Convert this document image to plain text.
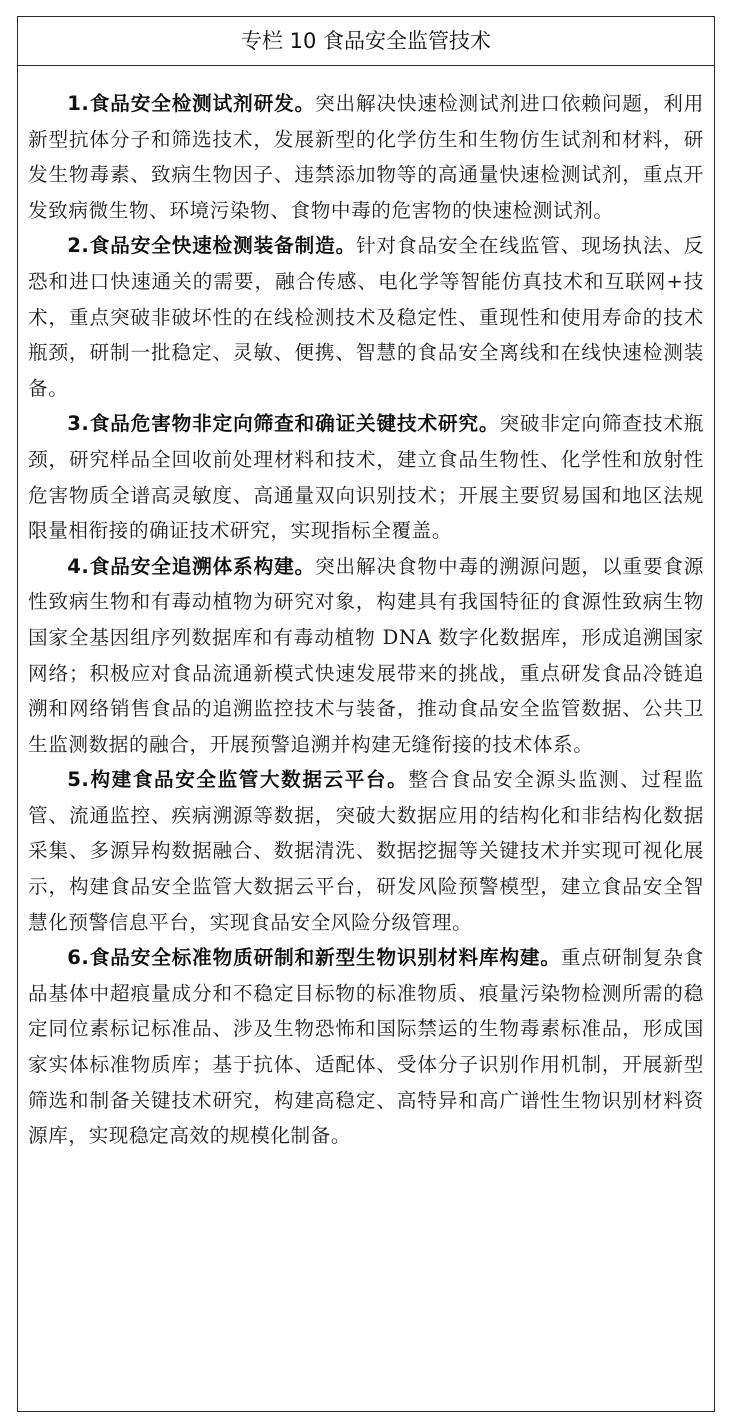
专栏 10 食品安全监管技术

1.食品安全检测试剂研发。突出解决快速检测试剂进口依赖问题，利用新型抗体分子和筛选技术，发展新型的化学仿生和生物仿生试剂和材料，研发生物毒素、致病生物因子、违禁添加物等的高通量快速检测试剂，重点开发致病微生物、环境污染物、食物中毒的危害物的快速检测试剂。

2.食品安全快速检测装备制造。针对食品安全在线监管、现场执法、反恐和进口快速通关的需要，融合传感、电化学等智能仿真技术和互联网+技术，重点突破非破坏性的在线检测技术及稳定性、重现性和使用寿命的技术瓶颈，研制一批稳定、灵敏、便携、智慧的食品安全离线和在线快速检测装备。

3.食品危害物非定向筛查和确证关键技术研究。突破非定向筛查技术瓶颈，研究样品全回收前处理材料和技术，建立食品生物性、化学性和放射性危害物质全谱高灵敏度、高通量双向识别技术；开展主要贸易国和地区法规限量相衔接的确证技术研究，实现指标全覆盖。

4.食品安全追溯体系构建。突出解决食物中毒的溯源问题，以重要食源性致病生物和有毒动植物为研究对象，构建具有我国特征的食源性致病生物国家全基因组序列数据库和有毒动植物 DNA 数字化数据库，形成追溯国家网络；积极应对食品流通新模式快速发展带来的挑战，重点研发食品冷链追溯和网络销售食品的追溯监控技术与装备，推动食品安全监管数据、公共卫生监测数据的融合，开展预警追溯并构建无缝衔接的技术体系。

5.构建食品安全监管大数据云平台。整合食品安全源头监测、过程监管、流通监控、疾病溯源等数据，突破大数据应用的结构化和非结构化数据采集、多源异构数据融合、数据清洗、数据挖掘等关键技术并实现可视化展示，构建食品安全监管大数据云平台，研发风险预警模型，建立食品安全智慧化预警信息平台，实现食品安全风险分级管理。

6.食品安全标准物质研制和新型生物识别材料库构建。重点研制复杂食品基体中超痕量成分和不稳定目标物的标准物质、痕量污染物检测所需的稳定同位素标记标准品、涉及生物恐怖和国际禁运的生物毒素标准品，形成国家实体标准物质库；基于抗体、适配体、受体分子识别作用机制，开展新型筛选和制备关键技术研究，构建高稳定、高特异和高广谱性生物识别材料资源库，实现稳定高效的规模化制备。
